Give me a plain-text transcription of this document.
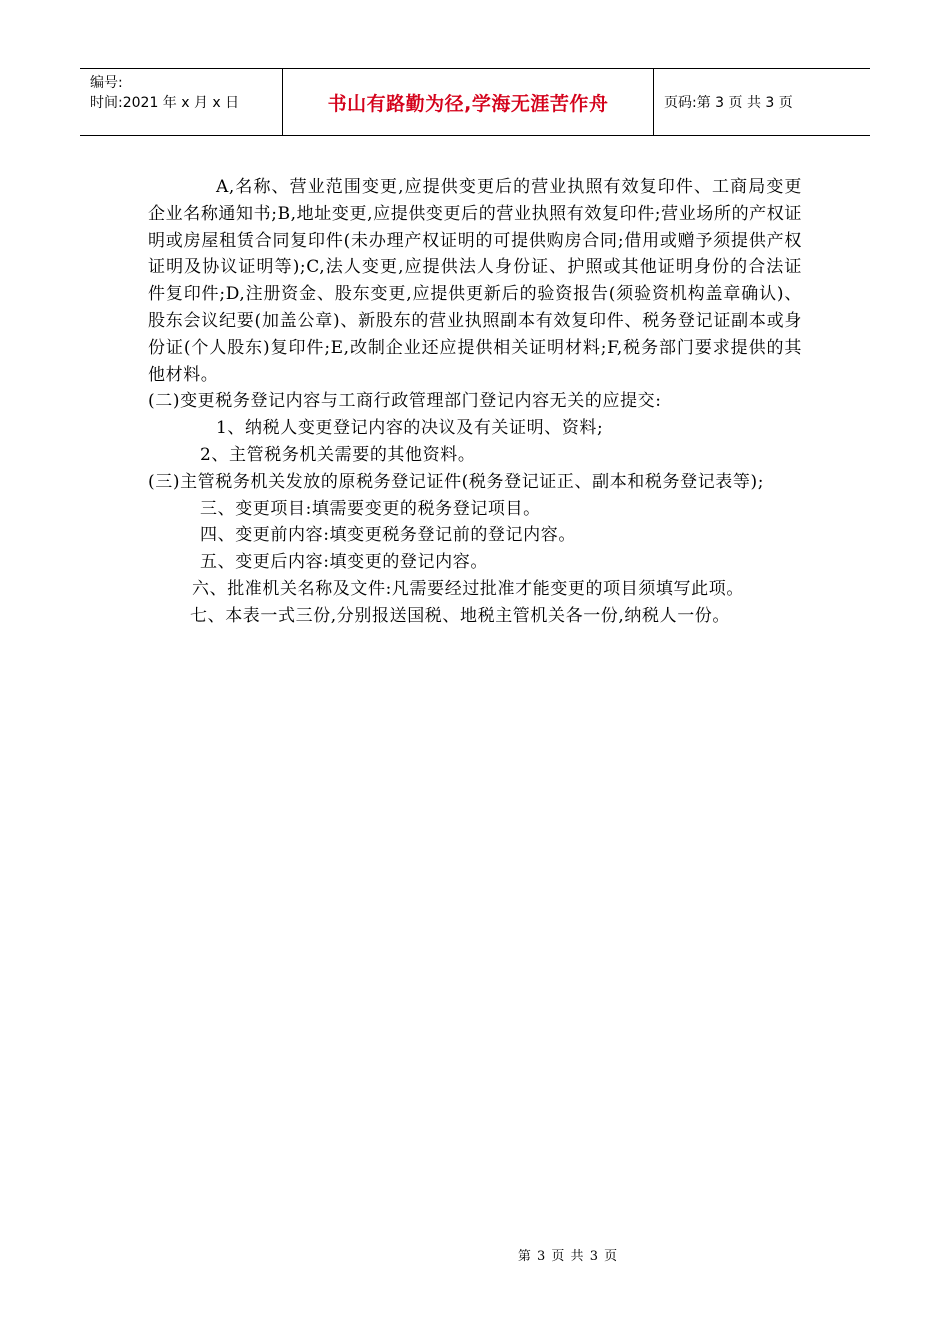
编号:
时间:2021 年 x 月 x 日	书山有路勤为径,学海无涯苦作舟	页码:第 3 页 共 3 页

A,名称、营业范围变更,应提供变更后的营业执照有效复印件、工商局变更企业名称通知书;B,地址变更,应提供变更后的营业执照有效复印件;营业场所的产权证明或房屋租赁合同复印件(未办理产权证明的可提供购房合同;借用或赠予须提供产权证明及协议证明等);C,法人变更,应提供法人身份证、护照或其他证明身份的合法证件复印件;D,注册资金、股东变更,应提供更新后的验资报告(须验资机构盖章确认)、股东会议纪要(加盖公章)、新股东的营业执照副本有效复印件、税务登记证副本或身份证(个人股东)复印件;E,改制企业还应提供相关证明材料;F,税务部门要求提供的其他材料。

(二)变更税务登记内容与工商行政管理部门登记内容无关的应提交:

1、纳税人变更登记内容的决议及有关证明、资料;

2、主管税务机关需要的其他资料。

(三)主管税务机关发放的原税务登记证件(税务登记证正、副本和税务登记表等);

三、变更项目:填需要变更的税务登记项目。

四、变更前内容:填变更税务登记前的登记内容。

五、变更后内容:填变更的登记内容。

六、批准机关名称及文件:凡需要经过批准才能变更的项目须填写此项。

七、本表一式三份,分别报送国税、地税主管机关各一份,纳税人一份。

第 3 页 共 3 页
